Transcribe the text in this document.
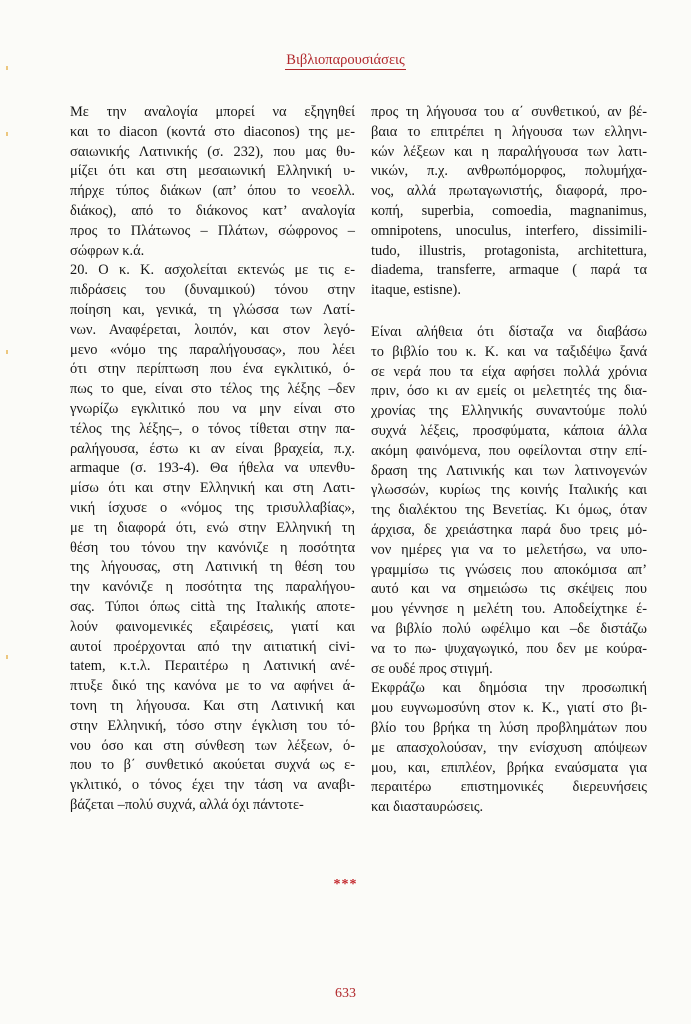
Βιβλιοπαρουσιάσεις

Με την αναλογία μπορεί να εξηγηθεί
και το diacon (κοντά στο diaconos) της με-
σαιωνικής Λατινικής (σ. 232), που μας θυ-
μίζει ότι και στη μεσαιωνική Ελληνική υ-
πήρχε τύπος διάκων (απ’ όπου το νεοελλ.
διάκος), από το διάκονος κατ’ αναλογία
προς το Πλάτωνος – Πλάτων, σώφρονος –
σώφρων κ.ά.

20. Ο κ. Κ. ασχολείται εκτενώς με τις ε-
πιδράσεις του (δυναμικού) τόνου στην
ποίηση και, γενικά, τη γλώσσα των Λατί-
νων. Αναφέρεται, λοιπόν, και στον λεγό-
μενο «νόμο της παραλήγουσας», που λέει
ότι στην περίπτωση που ένα εγκλιτικό, ό-
πως το que, είναι στο τέλος της λέξης –δεν
γνωρίζω εγκλιτικό που να μην είναι στο
τέλος της λέξης–, ο τόνος τίθεται στην πα-
ραλήγουσα, έστω κι αν είναι βραχεία, π.χ.
armaque (σ. 193-4). Θα ήθελα να υπενθυ-
μίσω ότι και στην Ελληνική και στη Λατι-
νική ίσχυσε ο «νόμος της τρισυλλαβίας»,
με τη διαφορά ότι, ενώ στην Ελληνική τη
θέση του τόνου την κανόνιζε η ποσότητα
της λήγουσας, στη Λατινική τη θέση του
την κανόνιζε η ποσότητα της παραλήγου-
σας. Τύποι όπως città της Ιταλικής αποτε-
λούν φαινομενικές εξαιρέσεις, γιατί και
αυτοί προέρχονται από την αιτιατική civi-
tatem, κ.τ.λ. Περαιτέρω η Λατινική ανέ-
πτυξε δικό της κανόνα με το να αφήνει ά-
τονη τη λήγουσα. Και στη Λατινική και
στην Ελληνική, τόσο στην έγκλιση του τό-
νου όσο και στη σύνθεση των λέξεων, ό-
που το β΄ συνθετικό ακούεται συχνά ως ε-
γκλιτικό, ο τόνος έχει την τάση να αναβι-
βάζεται –πολύ συχνά, αλλά όχι πάντοτε-

προς τη λήγουσα του α΄ συνθετικού, αν βέ-
βαια το επιτρέπει η λήγουσα των ελληνι-
κών λέξεων και η παραλήγουσα των λατι-
νικών, π.χ. ανθρωπόμορφος, πολυμήχα-
νος, αλλά πρωταγωνιστής, διαφορά, προ-
κοπή, superbia, comoedia, magnanimus,
omnipotens, unoculus, interfero, dissimili-
tudo, illustris, protagonista, architettura,
diadema, transferre, armaque ( παρά τα
itaque, estisne).

Είναι αλήθεια ότι δίσταζα να διαβάσω
το βιβλίο του κ. Κ. και να ταξιδέψω ξανά
σε νερά που τα είχα αφήσει πολλά χρόνια
πριν, όσο κι αν εμείς οι μελετητές της δια-
χρονίας της Ελληνικής συναντούμε πολύ
συχνά λέξεις, προσφύματα, κάποια άλλα
ακόμη φαινόμενα, που οφείλονται στην επί-
δραση της Λατινικής και των λατινογενών
γλωσσών, κυρίως της κοινής Ιταλικής και
της διαλέκτου της Βενετίας. Κι όμως, όταν
άρχισα, δε χρειάστηκα παρά δυο τρεις μό-
νον ημέρες για να το μελετήσω, να υπο-
γραμμίσω τις γνώσεις που αποκόμισα απ’
αυτό και να σημειώσω τις σκέψεις που
μου γέννησε η μελέτη του. Αποδείχτηκε έ-
να βιβλίο πολύ ωφέλιμο και –δε διστάζω
να το πω- ψυχαγωγικό, που δεν με κούρα-
σε ουδέ προς στιγμή.

Εκφράζω και δημόσια την προσωπική
μου ευγνωμοσύνη στον κ. Κ., γιατί στο βι-
βλίο του βρήκα τη λύση προβλημάτων που
με απασχολούσαν, την ενίσχυση απόψεων
μου, και, επιπλέον, βρήκα εναύσματα για
περαιτέρω επιστημονικές διερευνήσεις
και διασταυρώσεις.

***
633
